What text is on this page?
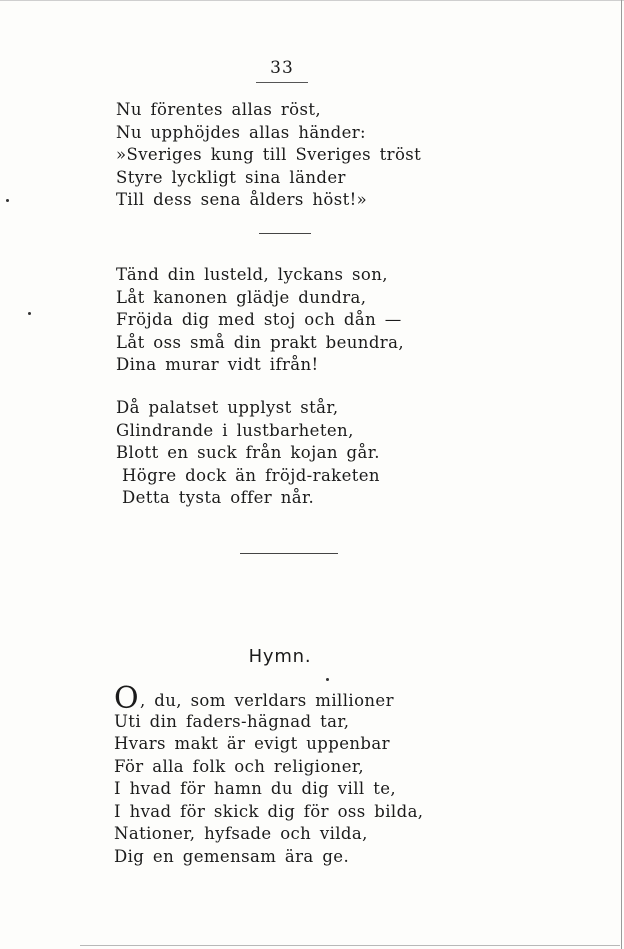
33
Nu förentes allas röst,
Nu upphöjdes allas händer:
»Sveriges kung till Sveriges tröst
Styre lyckligt sina länder
Till dess sena ålders höst!»
Tänd din lusteld, lyckans son,
Låt kanonen glädje dundra,
Fröjda dig med stoj och dån —
Låt oss små din prakt beundra,
Dina murar vidt ifrån!
Då palatset upplyst står,
Glindrande i lustbarheten,
Blott en suck från kojan går.
Högre dock än fröjd-raketen
Detta tysta offer når.
Hymn.
O, du, som verldars millioner
Uti din faders-hägnad tar,
Hvars makt är evigt uppenbar
För alla folk och religioner,
I hvad för hamn du dig vill te,
I hvad för skick dig för oss bilda,
Nationer, hyfsade och vilda,
Dig en gemensam ära ge.
